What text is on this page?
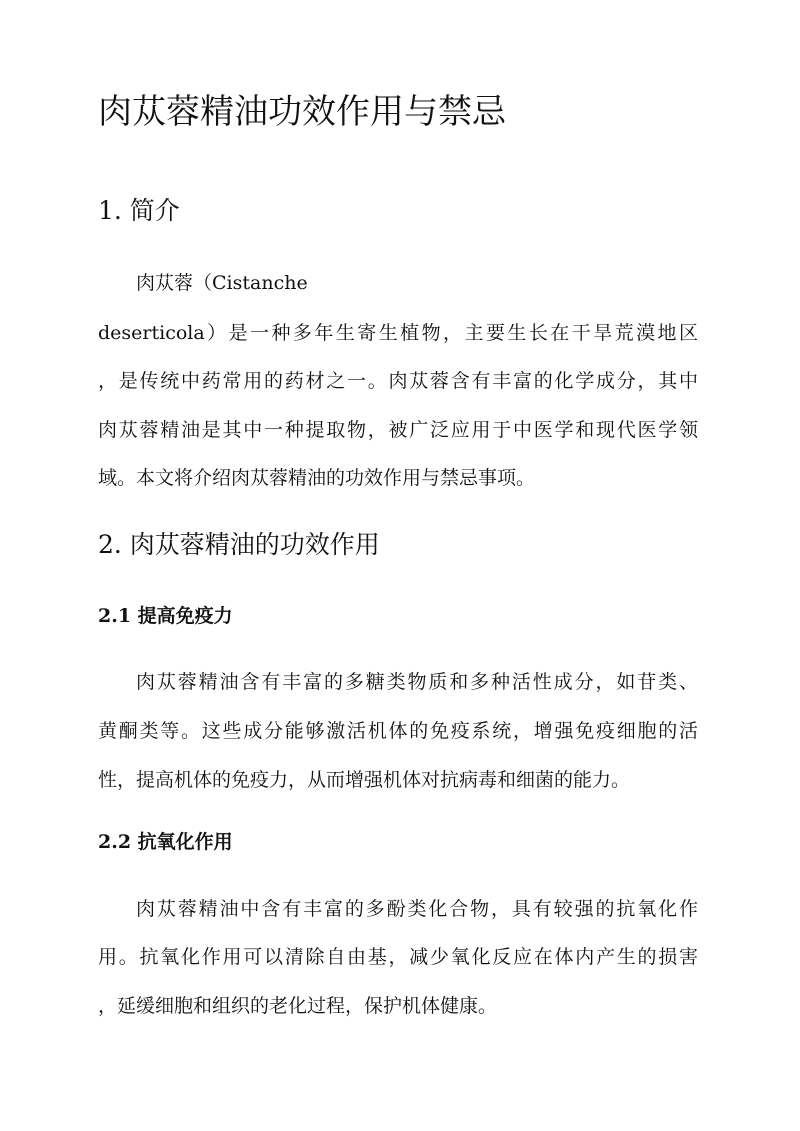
肉苁蓉精油功效作用与禁忌
1. 简介

肉苁蓉（Cistanche

deserticola）是一种多年生寄生植物，主要生长在干旱荒漠地区

，是传统中药常用的药材之一。肉苁蓉含有丰富的化学成分，其中

肉苁蓉精油是其中一种提取物，被广泛应用于中医学和现代医学领

域。本文将介绍肉苁蓉精油的功效作用与禁忌事项。

2. 肉苁蓉精油的功效作用
2.1 提高免疫力

肉苁蓉精油含有丰富的多糖类物质和多种活性成分，如苷类、

黄酮类等。这些成分能够激活机体的免疫系统，增强免疫细胞的活

性，提高机体的免疫力，从而增强机体对抗病毒和细菌的能力。

2.2 抗氧化作用

肉苁蓉精油中含有丰富的多酚类化合物，具有较强的抗氧化作

用。抗氧化作用可以清除自由基，减少氧化反应在体内产生的损害

，延缓细胞和组织的老化过程，保护机体健康。
